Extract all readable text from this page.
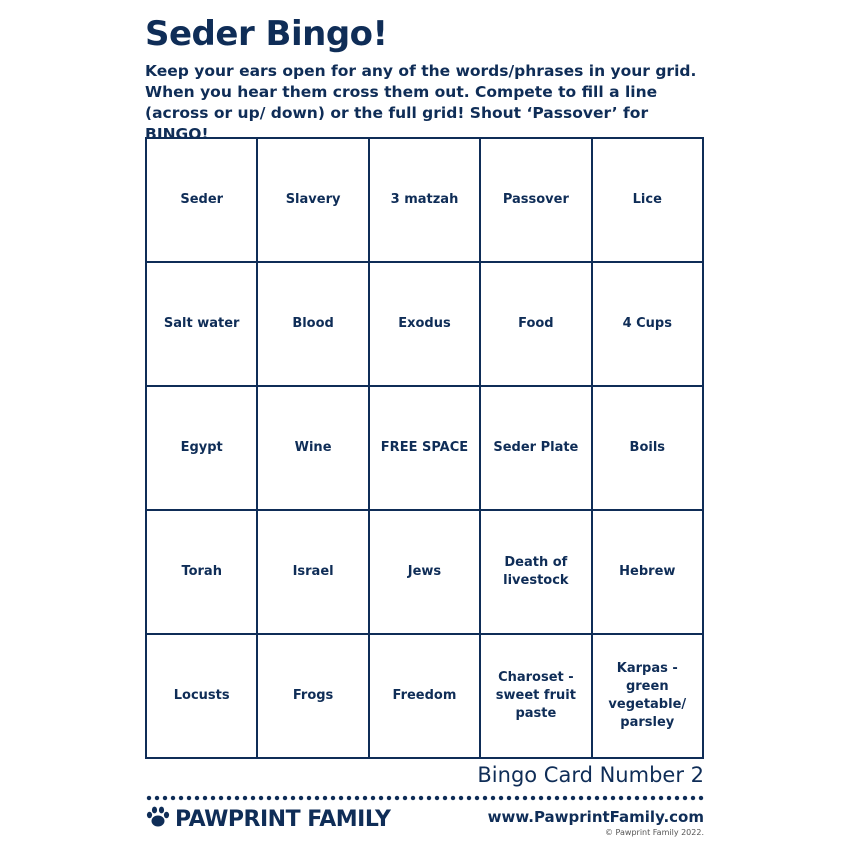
Seder Bingo!

Keep your ears open for any of the words/phrases in your grid. When you hear them cross them out. Compete to fill a line (across or up/ down) or the full grid! Shout ‘Passover’ for BINGO!

Seder	Slavery	3 matzah	Passover	Lice
Salt water	Blood	Exodus	Food	4 Cups
Egypt	Wine	FREE SPACE	Seder Plate	Boils
Torah	Israel	Jews	Death of livestock	Hebrew
Locusts	Frogs	Freedom	Charoset - sweet fruit paste	Karpas - green vegetable/ parsley
Bingo Card Number 2
PAWPRINT FAMILY	www.PawprintFamily.com
© Pawprint Family 2022.
